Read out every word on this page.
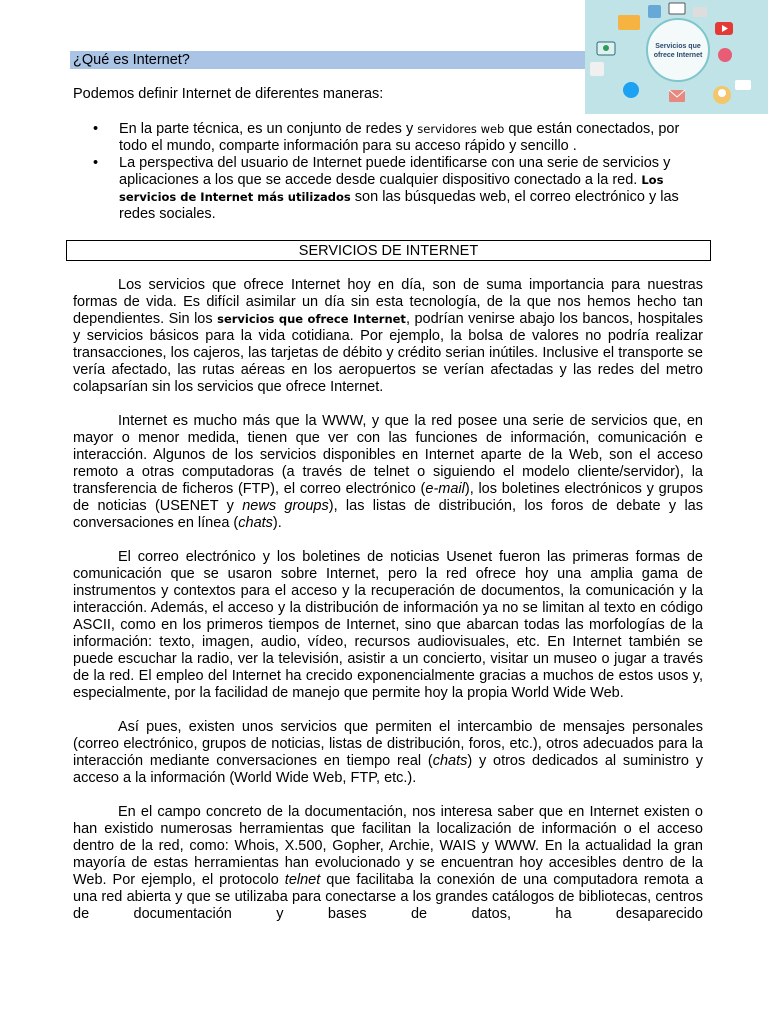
¿Qué es Internet?
Podemos definir Internet de diferentes maneras:
• En la parte técnica, es un conjunto de redes y servidores web que están conectados, por todo el mundo, comparte información para su acceso rápido y sencillo .
• La perspectiva del usuario de Internet puede identificarse con una serie de servicios y aplicaciones a los que se accede desde cualquier dispositivo conectado a la red. Los servicios de Internet más utilizados son las búsquedas web, el correo electrónico y las redes sociales.
SERVICIOS DE INTERNET

Los servicios que ofrece Internet hoy en día, son de suma importancia para nuestras formas de vida. Es difícil asimilar un día sin esta tecnología, de la que nos hemos hecho tan dependientes. Sin los servicios que ofrece Internet, podrían venirse abajo los bancos, hospitales y servicios básicos para la vida cotidiana. Por ejemplo, la bolsa de valores no podría realizar transacciones, los cajeros, las tarjetas de débito y crédito serian inútiles. Inclusive el transporte se vería afectado, las rutas aéreas en los aeropuertos se verían afectadas y las redes del metro colapsarían sin los servicios que ofrece Internet.

Internet es mucho más que la WWW, y que la red posee una serie de servicios que, en mayor o menor medida, tienen que ver con las funciones de información, comunicación e interacción. Algunos de los servicios disponibles en Internet aparte de la Web, son el acceso remoto a otras computadoras (a través de telnet o siguiendo el modelo cliente/servidor), la transferencia de ficheros (FTP), el correo electrónico (e-mail), los boletines electrónicos y grupos de noticias (USENET y news groups), las listas de distribución, los foros de debate y las conversaciones en línea (chats).

El correo electrónico y los boletines de noticias Usenet fueron las primeras formas de comunicación que se usaron sobre Internet, pero la red ofrece hoy una amplia gama de instrumentos y contextos para el acceso y la recuperación de documentos, la comunicación y la interacción. Además, el acceso y la distribución de información ya no se limitan al texto en código ASCII, como en los primeros tiempos de Internet, sino que abarcan todas las morfologías de la información: texto, imagen, audio, vídeo, recursos audiovisuales, etc. En Internet también se puede escuchar la radio, ver la televisión, asistir a un concierto, visitar un museo o jugar a través de la red. El empleo del Internet ha crecido exponencialmente gracias a muchos de estos usos y, especialmente, por la facilidad de manejo que permite hoy la propia World Wide Web.

Así pues, existen unos servicios que permiten el intercambio de mensajes personales (correo electrónico, grupos de noticias, listas de distribución, foros, etc.), otros adecuados para la interacción mediante conversaciones en tiempo real (chats) y otros dedicados al suministro y acceso a la información (World Wide Web, FTP, etc.).

En el campo concreto de la documentación, nos interesa saber que en Internet existen o han existido numerosas herramientas que facilitan la localización de información o el acceso dentro de la red, como: Whois, X.500, Gopher, Archie, WAIS y WWW. En la actualidad la gran mayoría de estas herramientas han evolucionado y se encuentran hoy accesibles dentro de la Web. Por ejemplo, el protocolo telnet que facilitaba la conexión de una computadora remota a una red abierta y que se utilizaba para conectarse a los grandes catálogos de bibliotecas, centros de documentación y bases de datos, ha desaparecido

Servicios que
ofrece Internet
